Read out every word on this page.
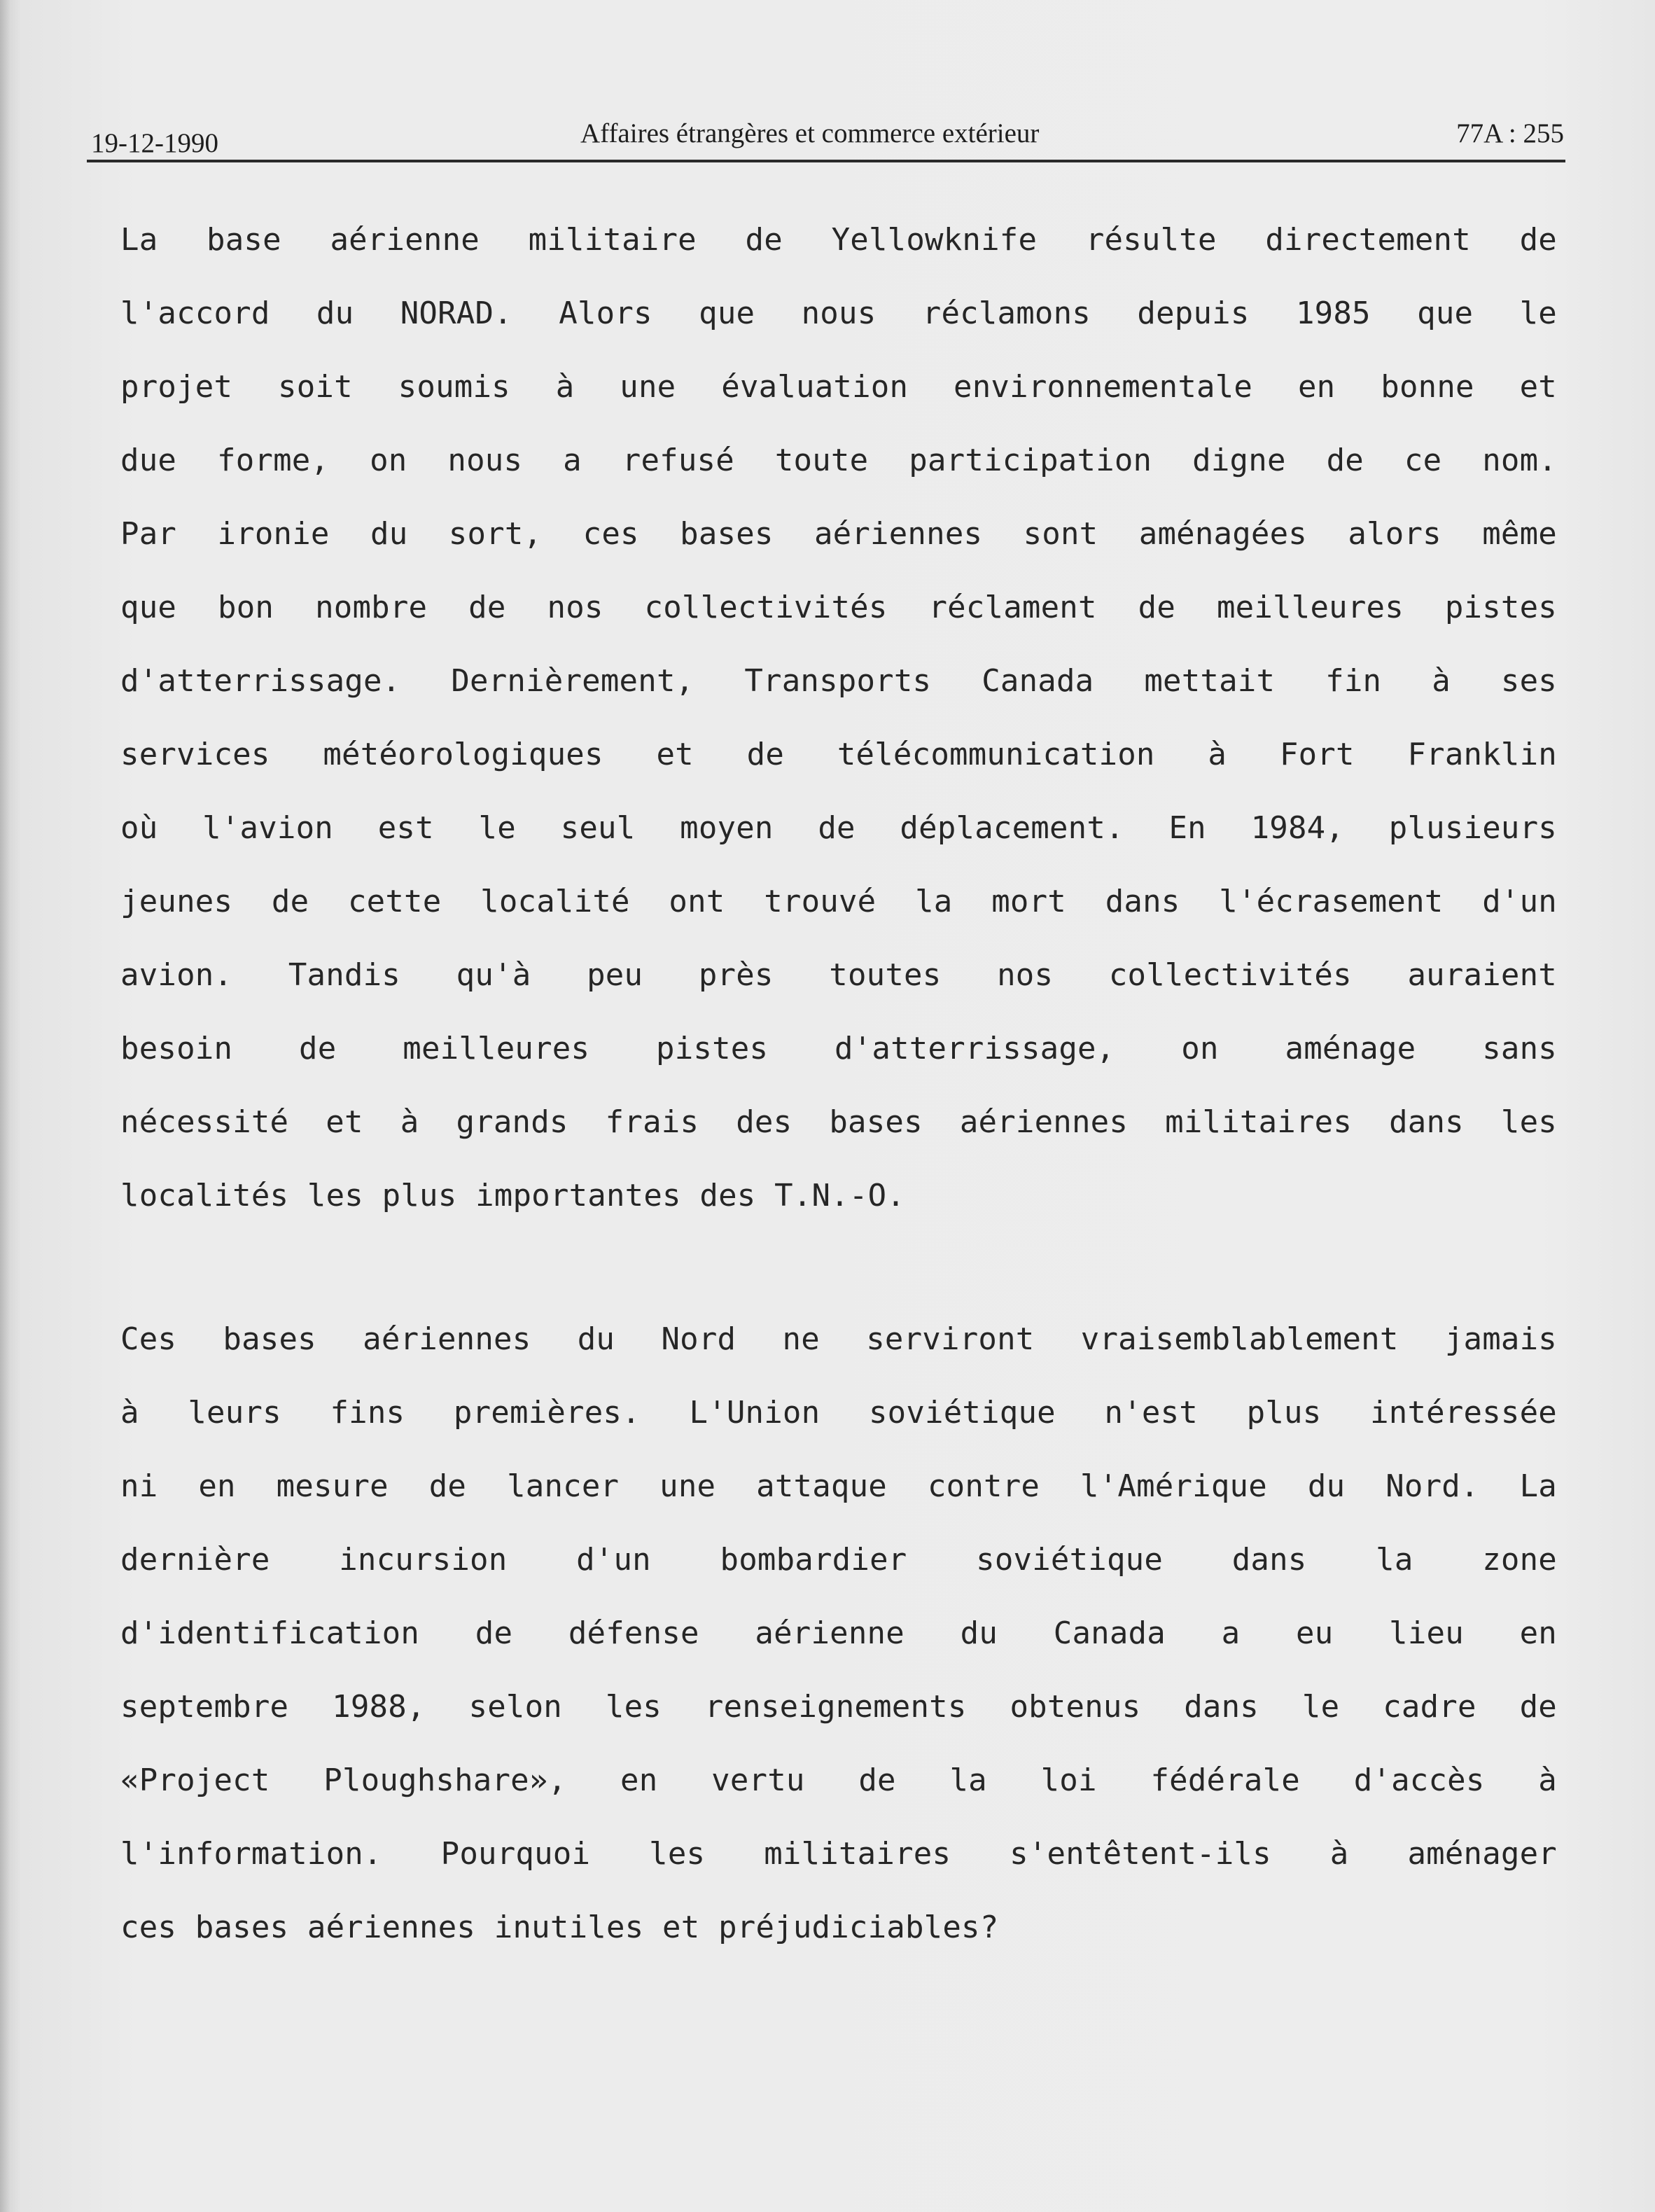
19-12-1990	Affaires étrangères et commerce extérieur	77A : 255
La base aérienne militaire de Yellowknife résulte directement de
l'accord du NORAD. Alors que nous réclamons depuis 1985 que le
projet soit soumis à une évaluation environnementale en bonne et
due forme, on nous a refusé toute participation digne de ce nom.
Par ironie du sort, ces bases aériennes sont aménagées alors même
que bon nombre de nos collectivités réclament de meilleures pistes
d'atterrissage. Dernièrement, Transports Canada mettait fin à ses
services météorologiques et de télécommunication à Fort Franklin
où l'avion est le seul moyen de déplacement. En 1984, plusieurs
jeunes de cette localité ont trouvé la mort dans l'écrasement d'un
avion. Tandis qu'à peu près toutes nos collectivités auraient
besoin de meilleures pistes d'atterrissage, on aménage sans
nécessité et à grands frais des bases aériennes militaires dans les
localités les plus importantes des T.N.-O.
Ces bases aériennes du Nord ne serviront vraisemblablement jamais
à leurs fins premières. L'Union soviétique n'est plus intéressée
ni en mesure de lancer une attaque contre l'Amérique du Nord. La
dernière incursion d'un bombardier soviétique dans la zone
d'identification de défense aérienne du Canada a eu lieu en
septembre 1988, selon les renseignements obtenus dans le cadre de
«Project Ploughshare», en vertu de la loi fédérale d'accès à
l'information. Pourquoi les militaires s'entêtent-ils à aménager
ces bases aériennes inutiles et préjudiciables?
